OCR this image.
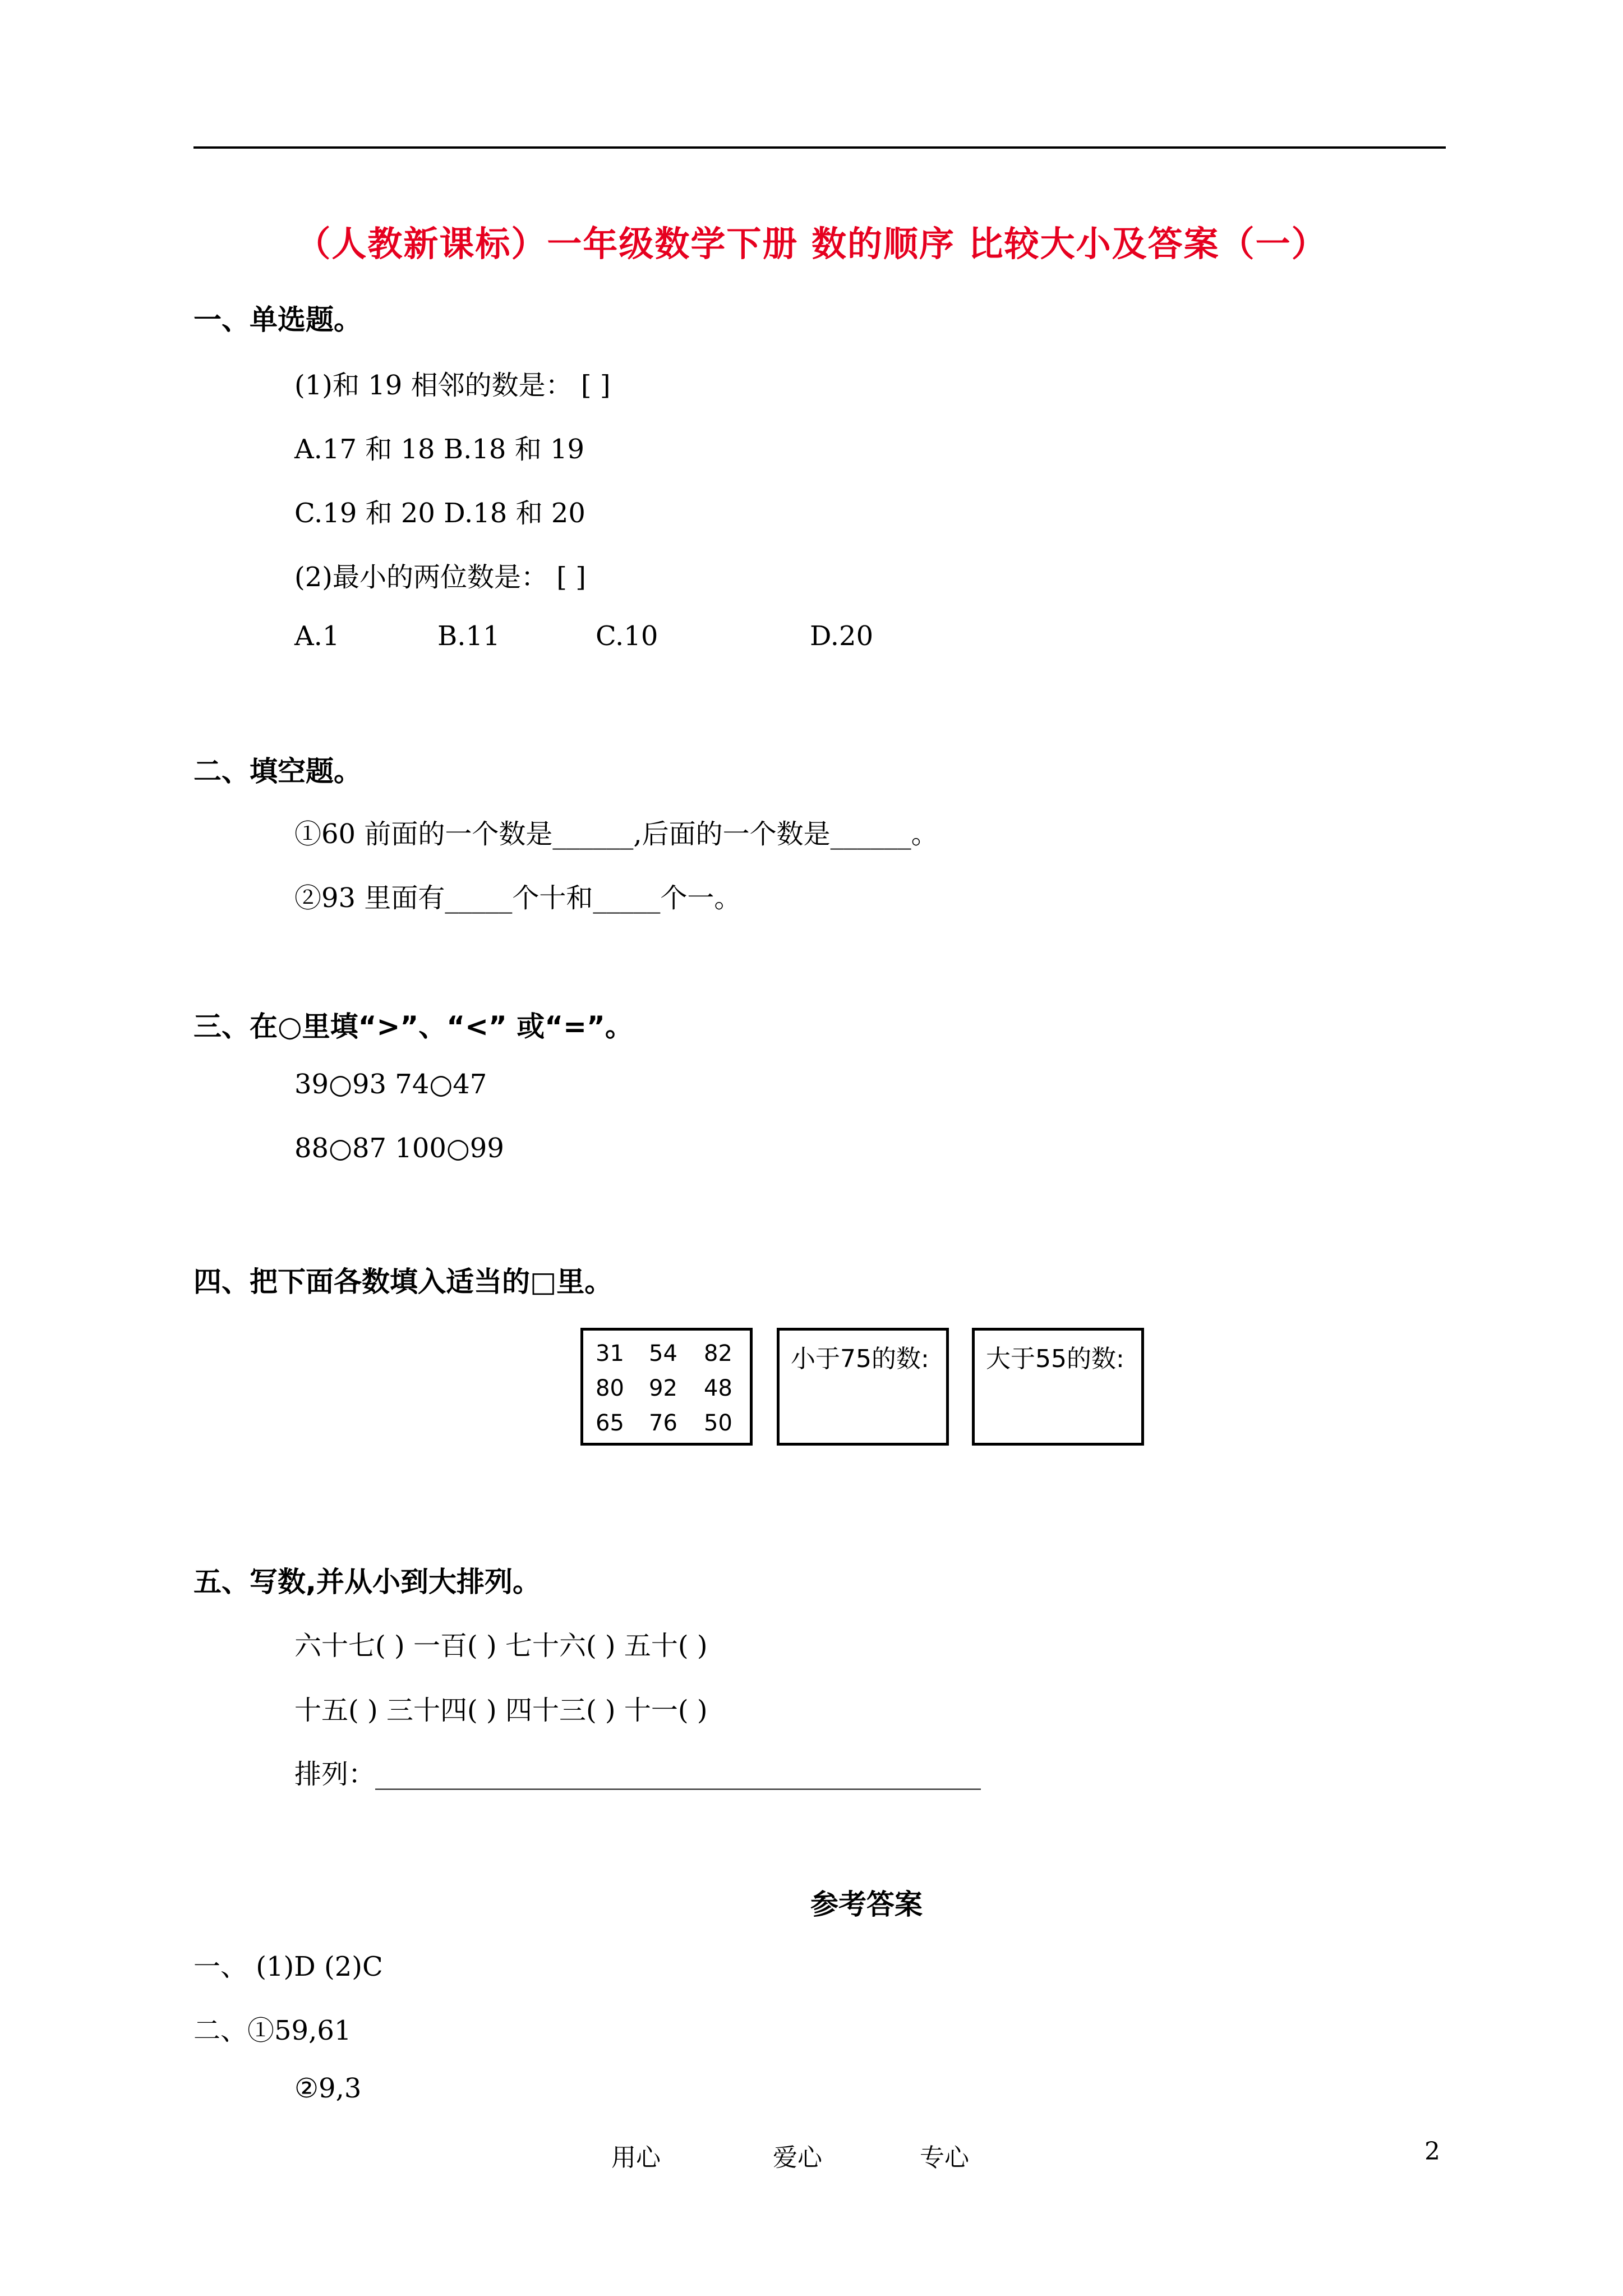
（人教新课标）一年级数学下册 数的顺序 比较大小及答案（一）
一、单选题。
(1)和 19 相邻的数是： [ ]
A.17 和 18 B.18 和 19
C.19 和 20 D.18 和 20
(2)最小的两位数是： [ ]
A.1	B.11	C.10	D.20
二、填空题。
①60 前面的一个数是______,后面的一个数是______。
②93 里面有_____个十和_____个一。
三、在○里填“>”、“<” 或“=”。
39○93 74○47
88○87 100○99
四、把下面各数填入适当的□里。
31 54 82
80 92 48
65 76 50
小于75的数: 大于55的数:
五、写数,并从小到大排列。
六十七( ) 一百( ) 七十六( ) 五十( )
十五( ) 三十四( ) 四十三( ) 十一( )
排列：_____________________________________________
参考答案
一、 (1)D (2)C
二、①59,61
②9,3
用心	爱心	专心	2
